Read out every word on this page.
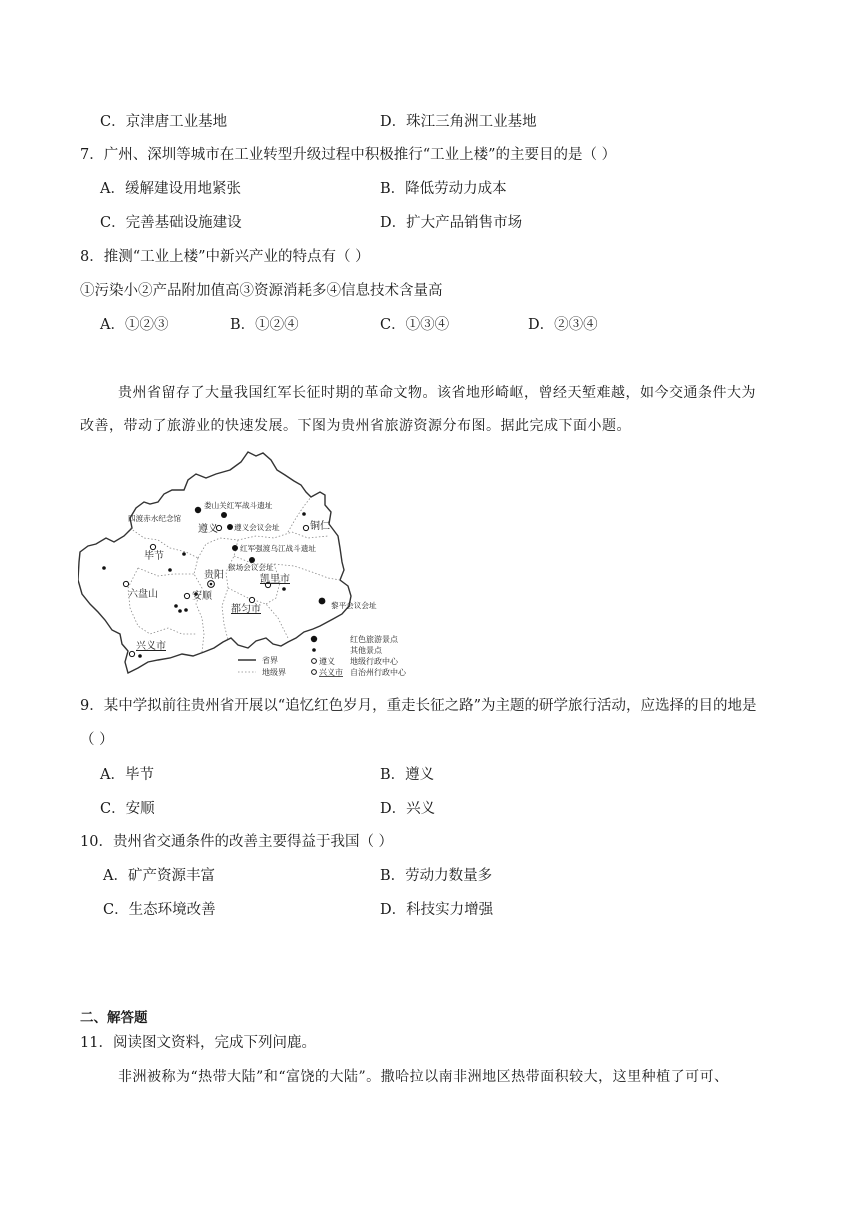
C．京津唐工业基地	D．珠江三角洲工业基地
7．广州、深圳等城市在工业转型升级过程中积极推行“工业上楼”的主要目的是（ ）
A．缓解建设用地紧张	B．降低劳动力成本
C．完善基础设施建设	D．扩大产品销售市场
8．推测“工业上楼”中新兴产业的特点有（ ）
①污染小②产品附加值高③资源消耗多④信息技术含量高
A．①②③	B．①②④	C．①③④	D．②③④
贵州省留存了大量我国红军长征时期的革命文物。该省地形崎岖，曾经天堑难越，如今交通条件大为
改善，带动了旅游业的快速发展。下图为贵州省旅游资源分布图。据此完成下面小题。
娄山关红军战斗遗址
四渡赤水纪念馆
遵义会议会址
红军强渡乌江战斗遗址
猴场会议会址
黎平会议会址
遵义	铜仁
毕节
贵阳	凯里市
六盘山	安顺
都匀市
兴义市
红色旅游景点
其他景点
省界
地级界
遵义 地级行政中心
兴义市 自治州行政中心
9．某中学拟前往贵州省开展以“追忆红色岁月，重走长征之路”为主题的研学旅行活动，应选择的目的地是
（ ）
A．毕节	B．遵义
C．安顺	D．兴义
10．贵州省交通条件的改善主要得益于我国（ ）
A．矿产资源丰富	B．劳动力数量多
C．生态环境改善	D．科技实力增强
二、解答题
11．阅读图文资料，完成下列问鹿。
非洲被称为“热带大陆”和“富饶的大陆”。撒哈拉以南非洲地区热带面积较大，这里种植了可可、
